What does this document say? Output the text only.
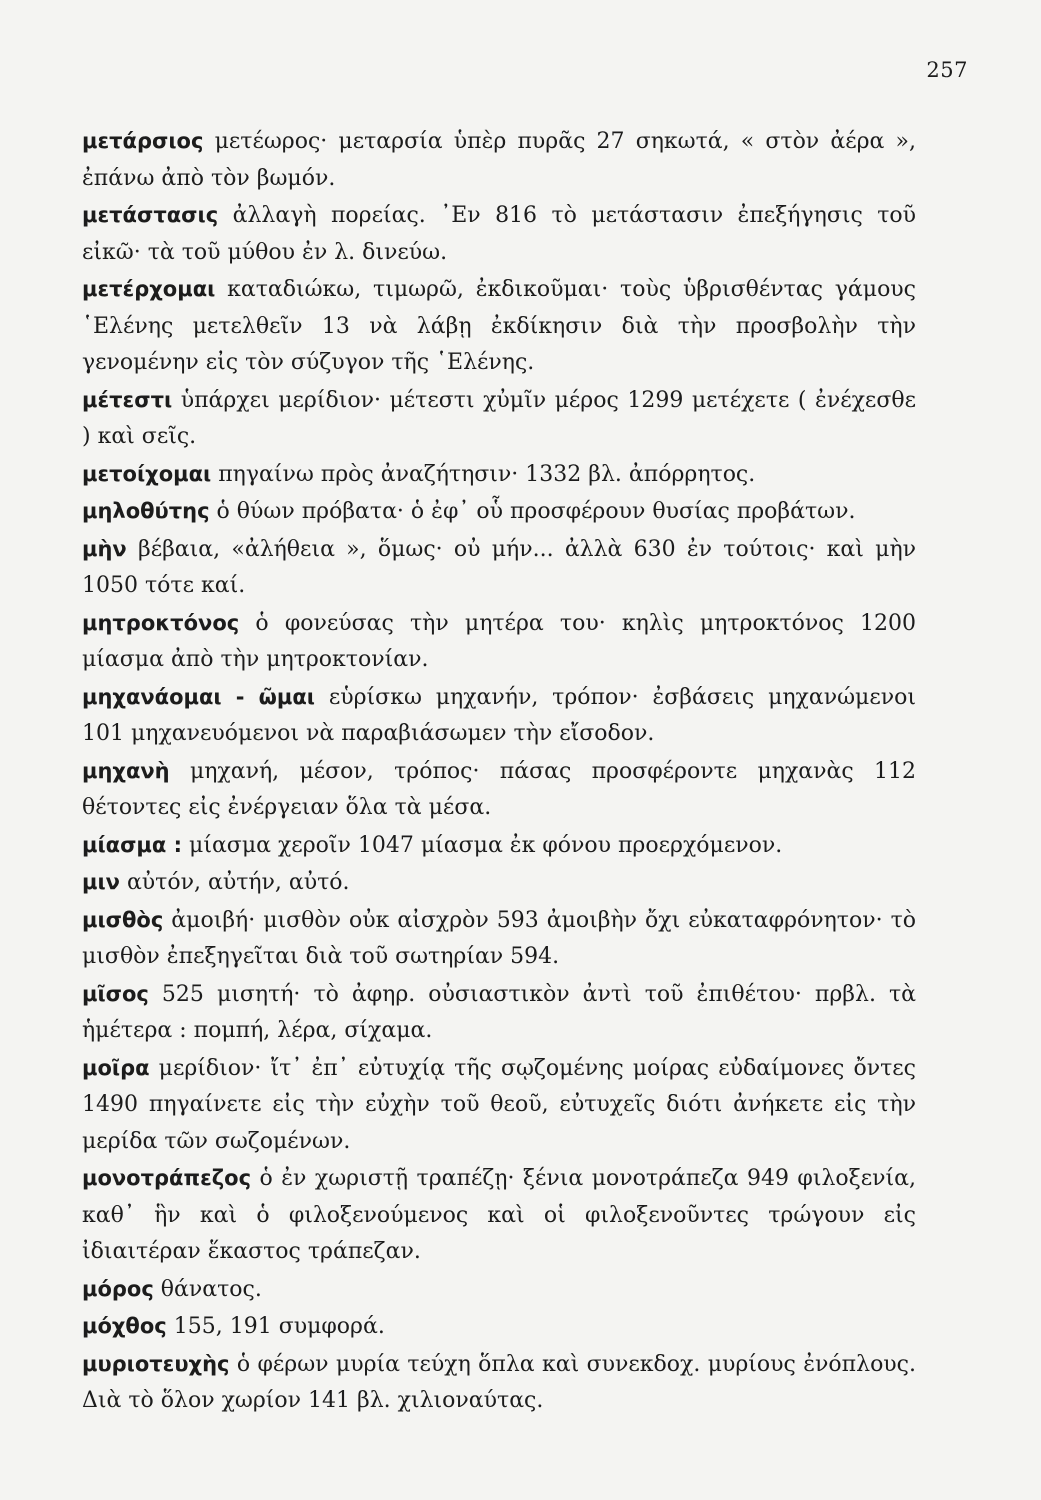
257

μετάρσιος μετέωρος· μεταρσία ὑπὲρ πυρᾶς 27 σηκωτά, « στὸν ἀέρα », ἐπάνω ἀπὸ τὸν βωμόν.

μετάστασις ἀλλαγὴ πορείας. ᾿Εν 816 τὸ μετάστασιν ἐπεξήγησις τοῦ εἰκῶ· τὰ τοῦ μύθου ἐν λ. δινεύω.

μετέρχομαι καταδιώκω, τιμωρῶ, ἐκδικοῦμαι· τοὺς ὑβρισθέντας γάμους ῾Ελένης μετελθεῖν 13 νὰ λάβῃ ἐκδίκησιν διὰ τὴν προσβολὴν τὴν γενομένην εἰς τὸν σύζυγον τῆς ῾Ελένης.

μέτεστι ὑπάρχει μερίδιον· μέτεστι χὐμῖν μέρος 1299 μετέχετε ( ἐνέχεσθε ) καὶ σεῖς.

μετοίχομαι πηγαίνω πρὸς ἀναζήτησιν· 1332 βλ. ἀπόρρητος.

μηλοθύτης ὁ θύων πρόβατα· ὁ ἐφ᾿ οὗ προσφέρουν θυσίας προβάτων.

μὴν βέβαια, «ἀλήθεια », ὅμως· οὐ μήν... ἀλλὰ 630 ἐν τούτοις· καὶ μὴν 1050 τότε καί.

μητροκτόνος ὁ φονεύσας τὴν μητέρα του· κηλὶς μητροκτόνος 1200 μίασμα ἀπὸ τὴν μητροκτονίαν.

μηχανάομαι - ῶμαι εὑρίσκω μηχανήν, τρόπον· ἐσβάσεις μηχανώμενοι 101 μηχανευόμενοι νὰ παραβιάσωμεν τὴν εἴσοδον.

μηχανὴ μηχανή, μέσον, τρόπος· πάσας προσφέροντε μηχανὰς 112 θέτοντες εἰς ἐνέργειαν ὅλα τὰ μέσα.

μίασμα : μίασμα χεροῖν 1047 μίασμα ἐκ φόνου προερχόμενον.

μιν αὐτόν, αὐτήν, αὐτό.

μισθὸς ἀμοιβή· μισθὸν οὐκ αἰσχρὸν 593 ἀμοιβὴν ὄχι εὐκαταφρόνητον· τὸ μισθὸν ἐπεξηγεῖται διὰ τοῦ σωτηρίαν 594.

μῖσος 525 μισητή· τὸ ἀφηρ. οὐσιαστικὸν ἀντὶ τοῦ ἐπιθέτου· πρβλ. τὰ ἡμέτερα : πομπή, λέρα, σίχαμα.

μοῖρα μερίδιον· ἴτ᾿ ἐπ᾿ εὐτυχίᾳ τῆς σῳζομένης μοίρας εὐδαίμονες ὄντες 1490 πηγαίνετε εἰς τὴν εὐχὴν τοῦ θεοῦ, εὐτυχεῖς διότι ἀνήκετε εἰς τὴν μερίδα τῶν σωζομένων.

μονοτράπεζος ὁ ἐν χωριστῇ τραπέζῃ· ξένια μονοτράπεζα 949 φιλοξενία, καθ᾿ ἣν καὶ ὁ φιλοξενούμενος καὶ οἱ φιλοξενοῦντες τρώγουν εἰς ἰδιαιτέραν ἕκαστος τράπεζαν.

μόρος θάνατος.

μόχθος 155, 191 συμφορά.

μυριοτευχὴς ὁ φέρων μυρία τεύχη ὅπλα καὶ συνεκδοχ. μυρίους ἐνόπλους. Διὰ τὸ ὅλον χωρίον 141 βλ. χιλιοναύτας.
